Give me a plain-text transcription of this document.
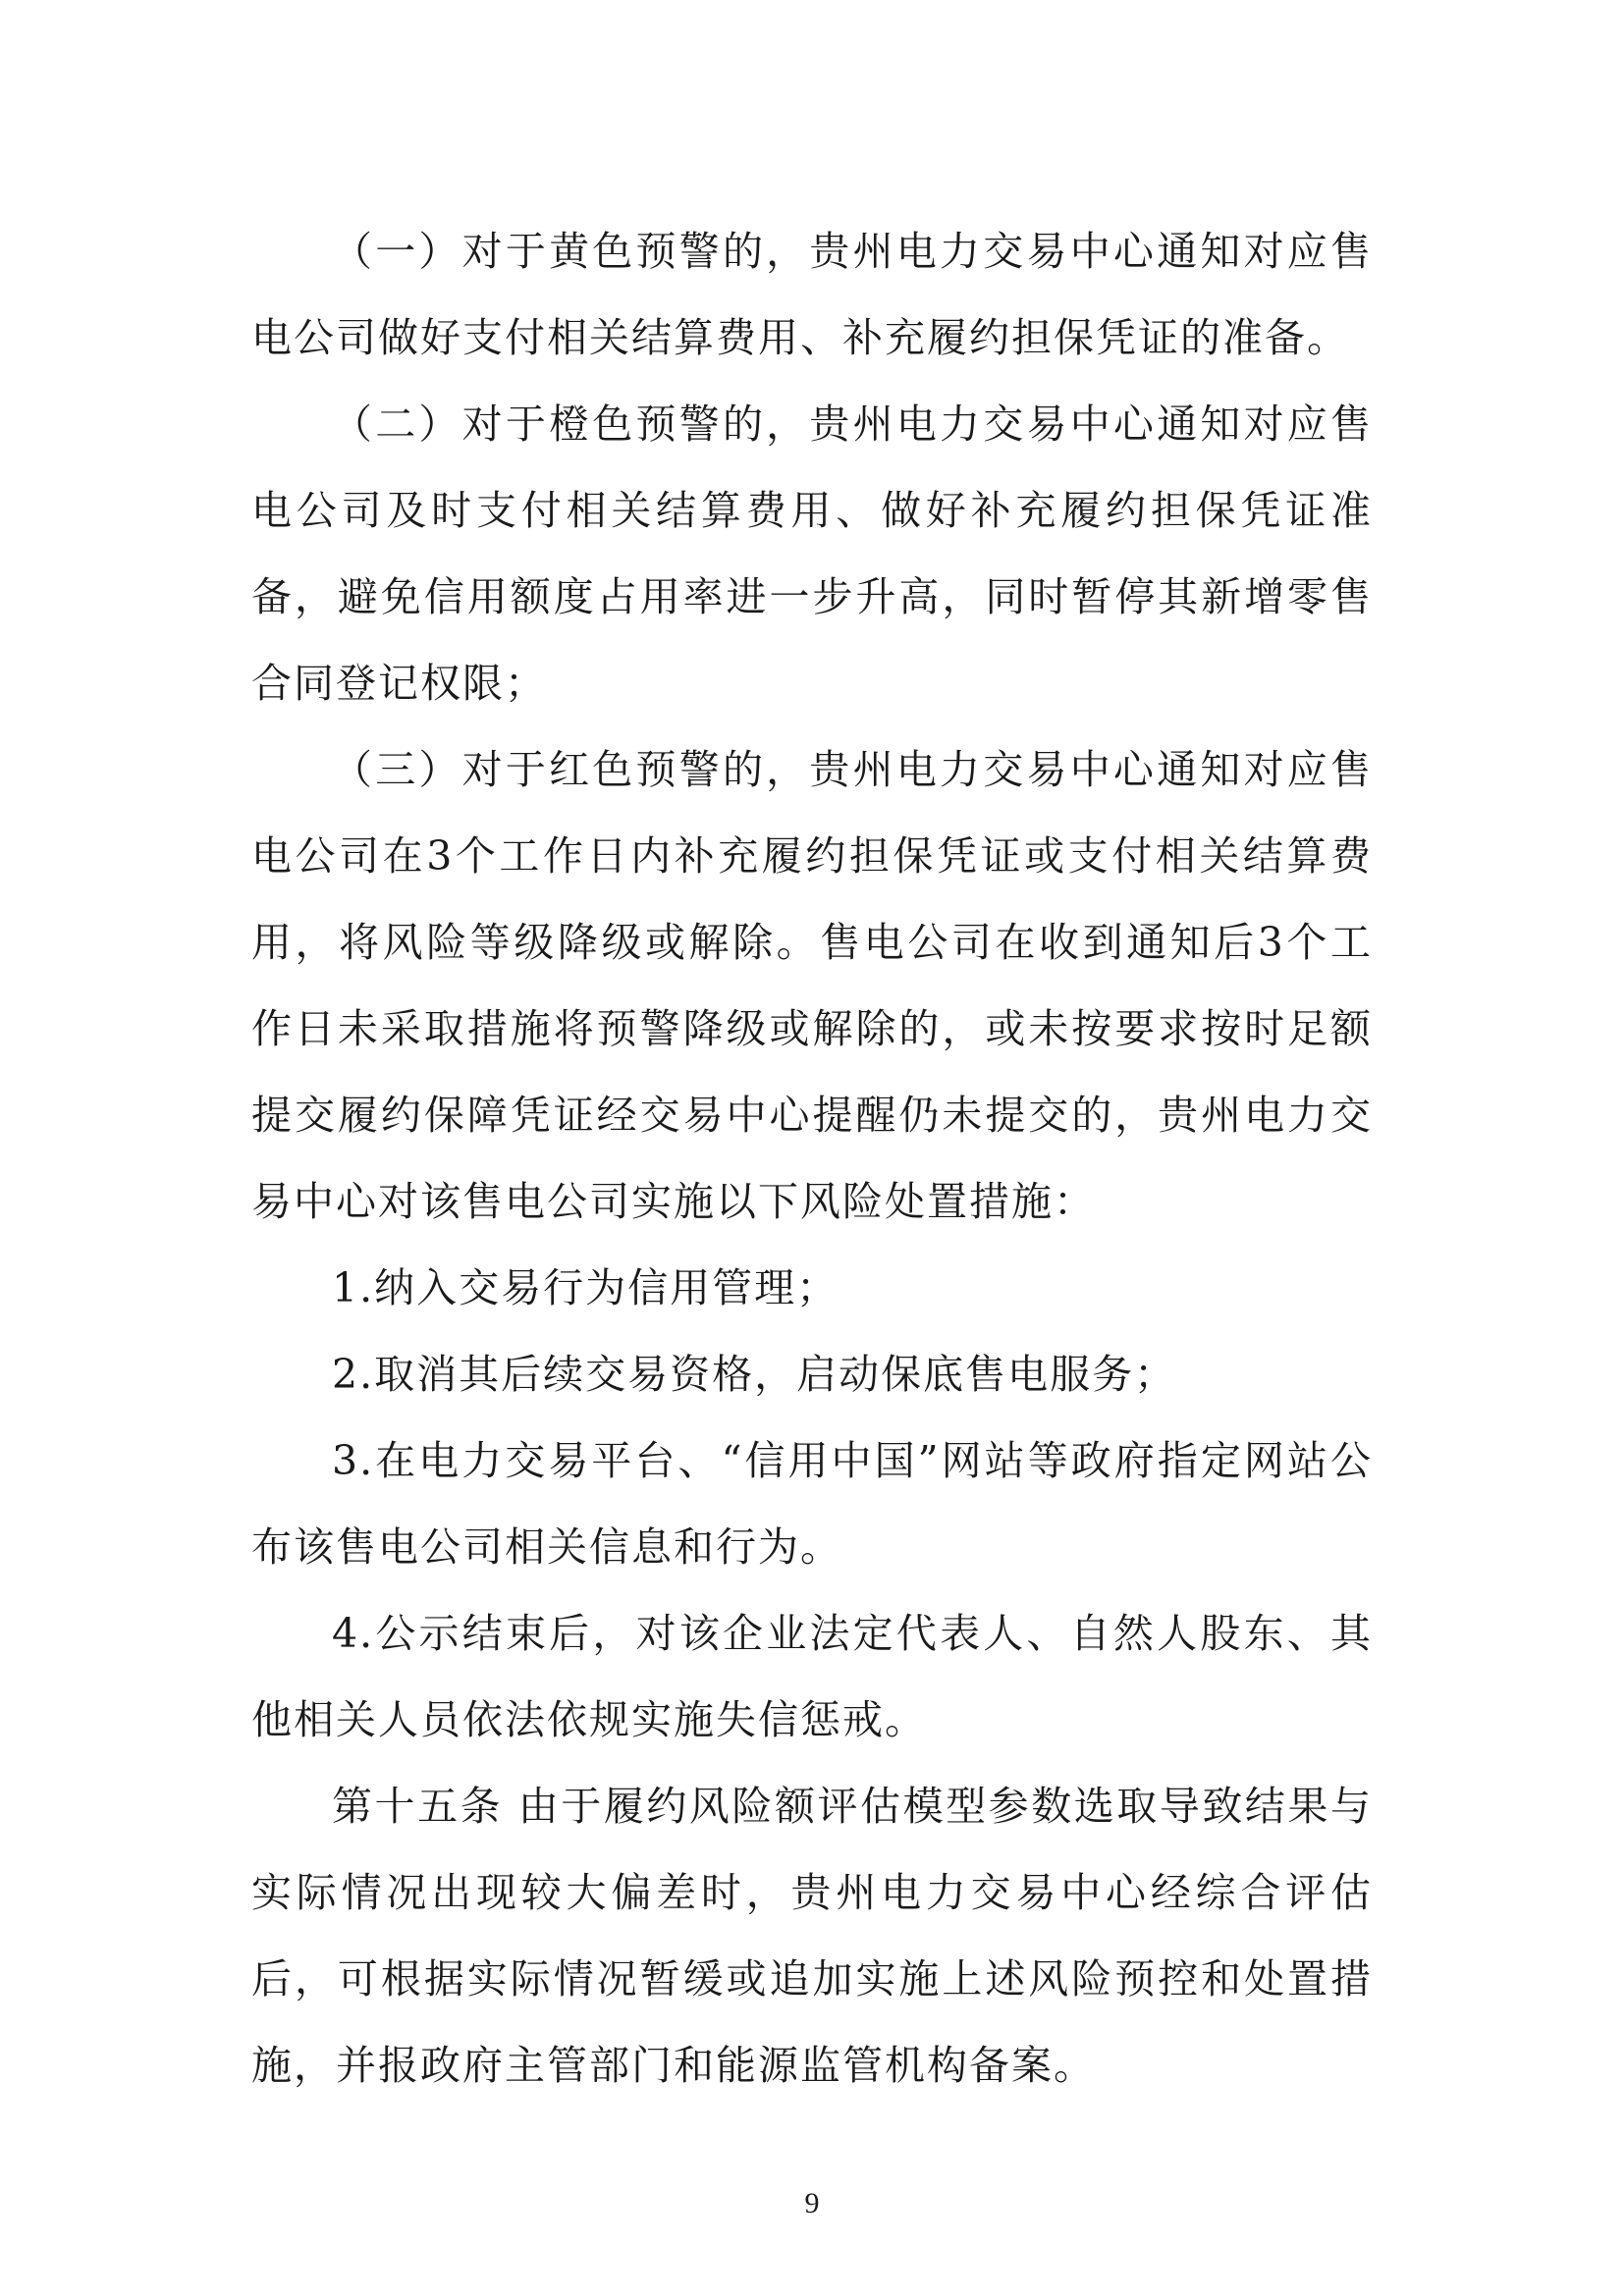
（一）对于黄色预警的，贵州电力交易中心通知对应售电公司做好支付相关结算费用、补充履约担保凭证的准备。

（二）对于橙色预警的，贵州电力交易中心通知对应售电公司及时支付相关结算费用、做好补充履约担保凭证准备，避免信用额度占用率进一步升高，同时暂停其新增零售合同登记权限；

（三）对于红色预警的，贵州电力交易中心通知对应售电公司在3个工作日内补充履约担保凭证或支付相关结算费用，将风险等级降级或解除。售电公司在收到通知后3个工作日未采取措施将预警降级或解除的，或未按要求按时足额提交履约保障凭证经交易中心提醒仍未提交的，贵州电力交易中心对该售电公司实施以下风险处置措施：

1.纳入交易行为信用管理；

2.取消其后续交易资格，启动保底售电服务；

3.在电力交易平台、“信用中国”网站等政府指定网站公布该售电公司相关信息和行为。

4.公示结束后，对该企业法定代表人、自然人股东、其他相关人员依法依规实施失信惩戒。

第十五条 由于履约风险额评估模型参数选取导致结果与实际情况出现较大偏差时，贵州电力交易中心经综合评估后，可根据实际情况暂缓或追加实施上述风险预控和处置措施，并报政府主管部门和能源监管机构备案。

9
